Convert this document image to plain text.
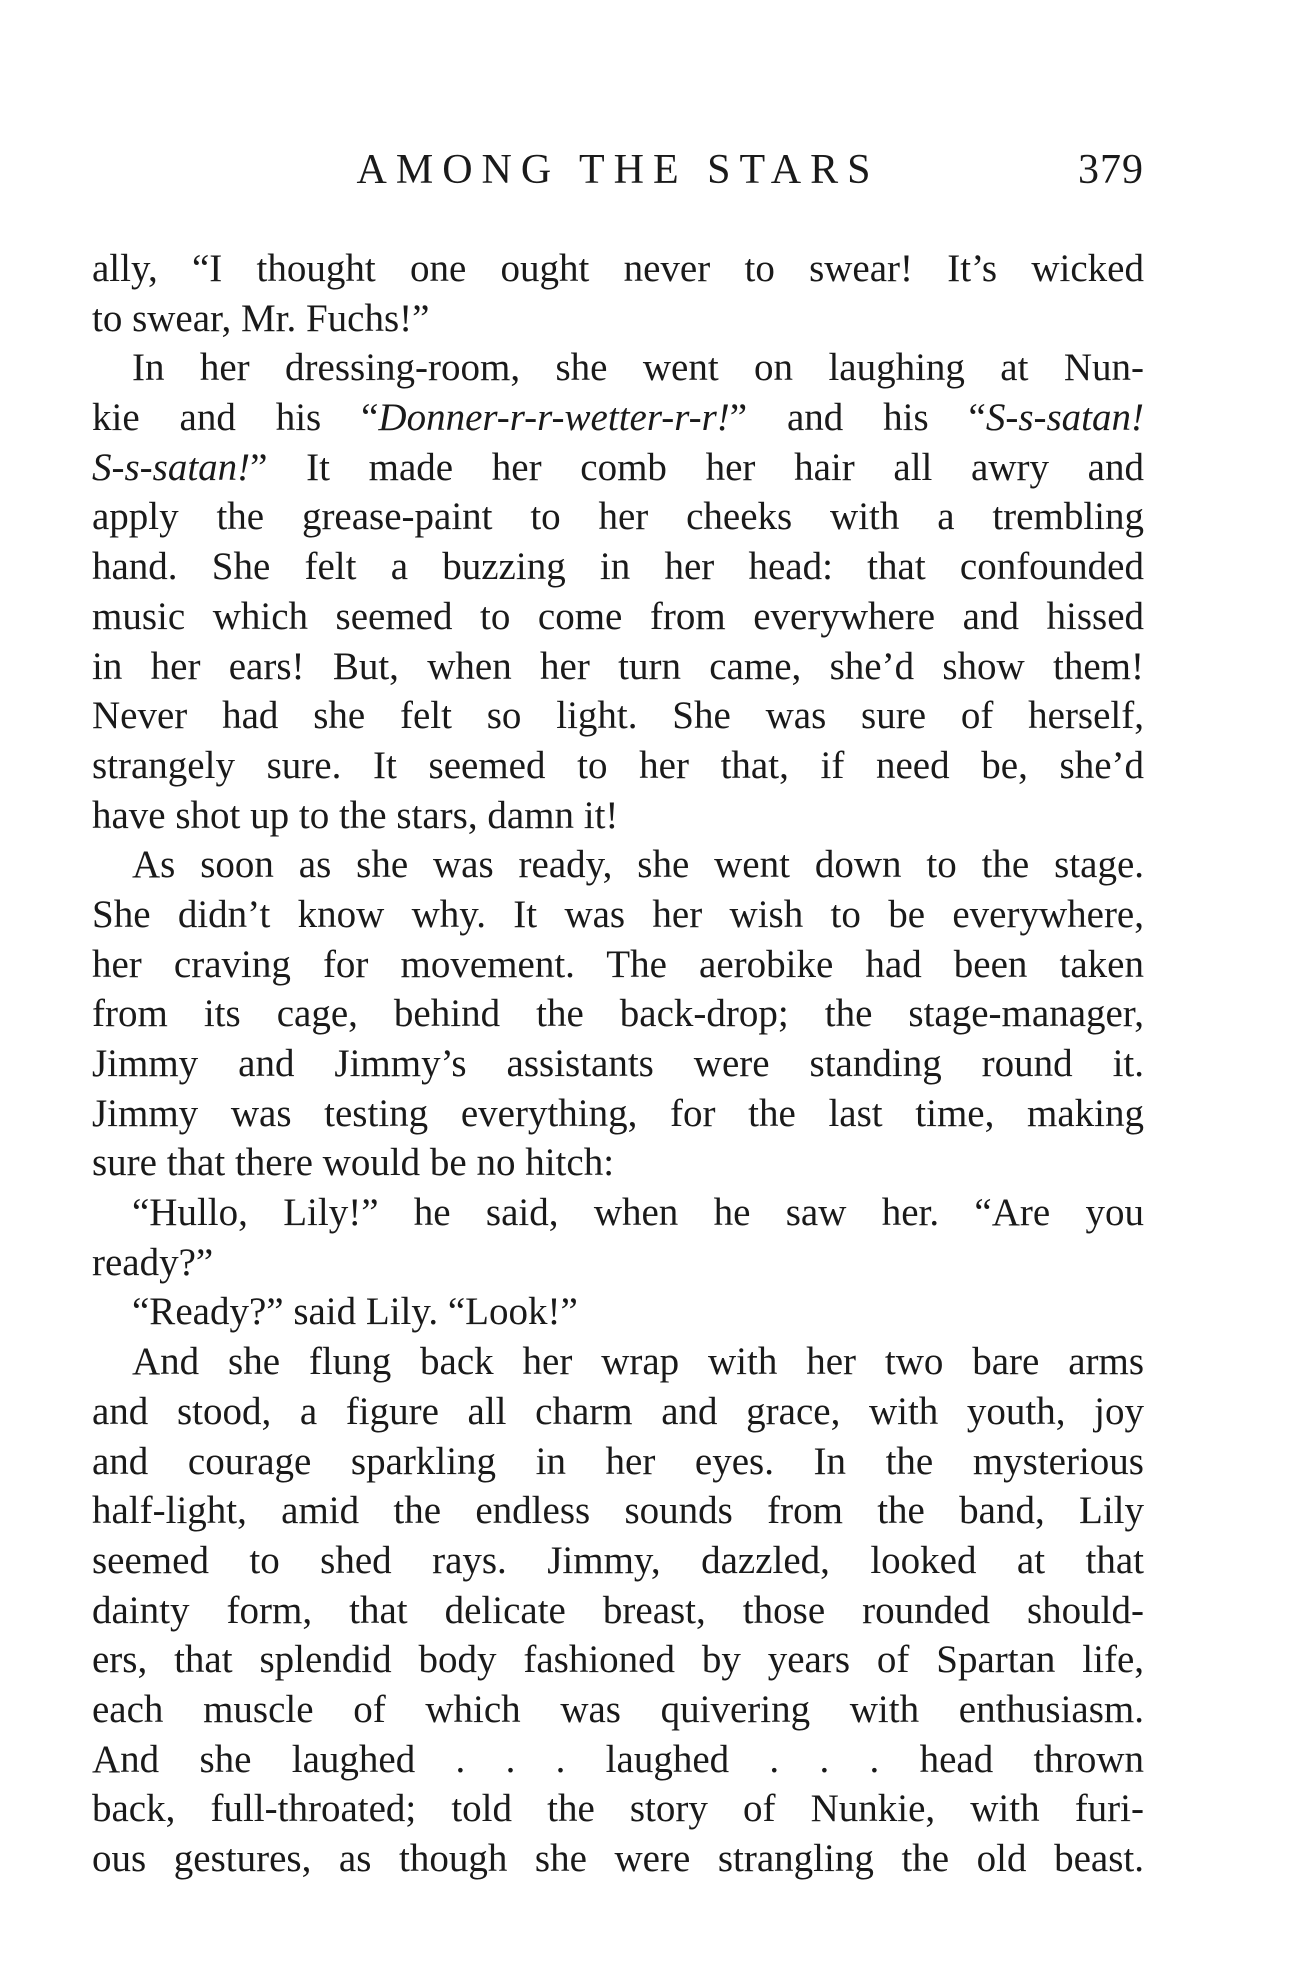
AMONG THE STARS	379
ally, “I thought one ought never to swear! It’s wicked
to swear, Mr. Fuchs!”
In her dressing-room, she went on laughing at Nun-
kie and his “Donner-r-r-wetter-r-r!” and his “S-s-satan!
S-s-satan!” It made her comb her hair all awry and
apply the grease-paint to her cheeks with a trembling
hand. She felt a buzzing in her head: that confounded
music which seemed to come from everywhere and hissed
in her ears! But, when her turn came, she’d show them!
Never had she felt so light. She was sure of herself,
strangely sure. It seemed to her that, if need be, she’d
have shot up to the stars, damn it!
As soon as she was ready, she went down to the stage.
She didn’t know why. It was her wish to be everywhere,
her craving for movement. The aerobike had been taken
from its cage, behind the back-drop; the stage-manager,
Jimmy and Jimmy’s assistants were standing round it.
Jimmy was testing everything, for the last time, making
sure that there would be no hitch:
“Hullo, Lily!” he said, when he saw her. “Are you
ready?”
“Ready?” said Lily. “Look!”
And she flung back her wrap with her two bare arms
and stood, a figure all charm and grace, with youth, joy
and courage sparkling in her eyes. In the mysterious
half-light, amid the endless sounds from the band, Lily
seemed to shed rays. Jimmy, dazzled, looked at that
dainty form, that delicate breast, those rounded should-
ers, that splendid body fashioned by years of Spartan life,
each muscle of which was quivering with enthusiasm.
And she laughed . . . laughed . . . head thrown
back, full-throated; told the story of Nunkie, with furi-
ous gestures, as though she were strangling the old beast.
